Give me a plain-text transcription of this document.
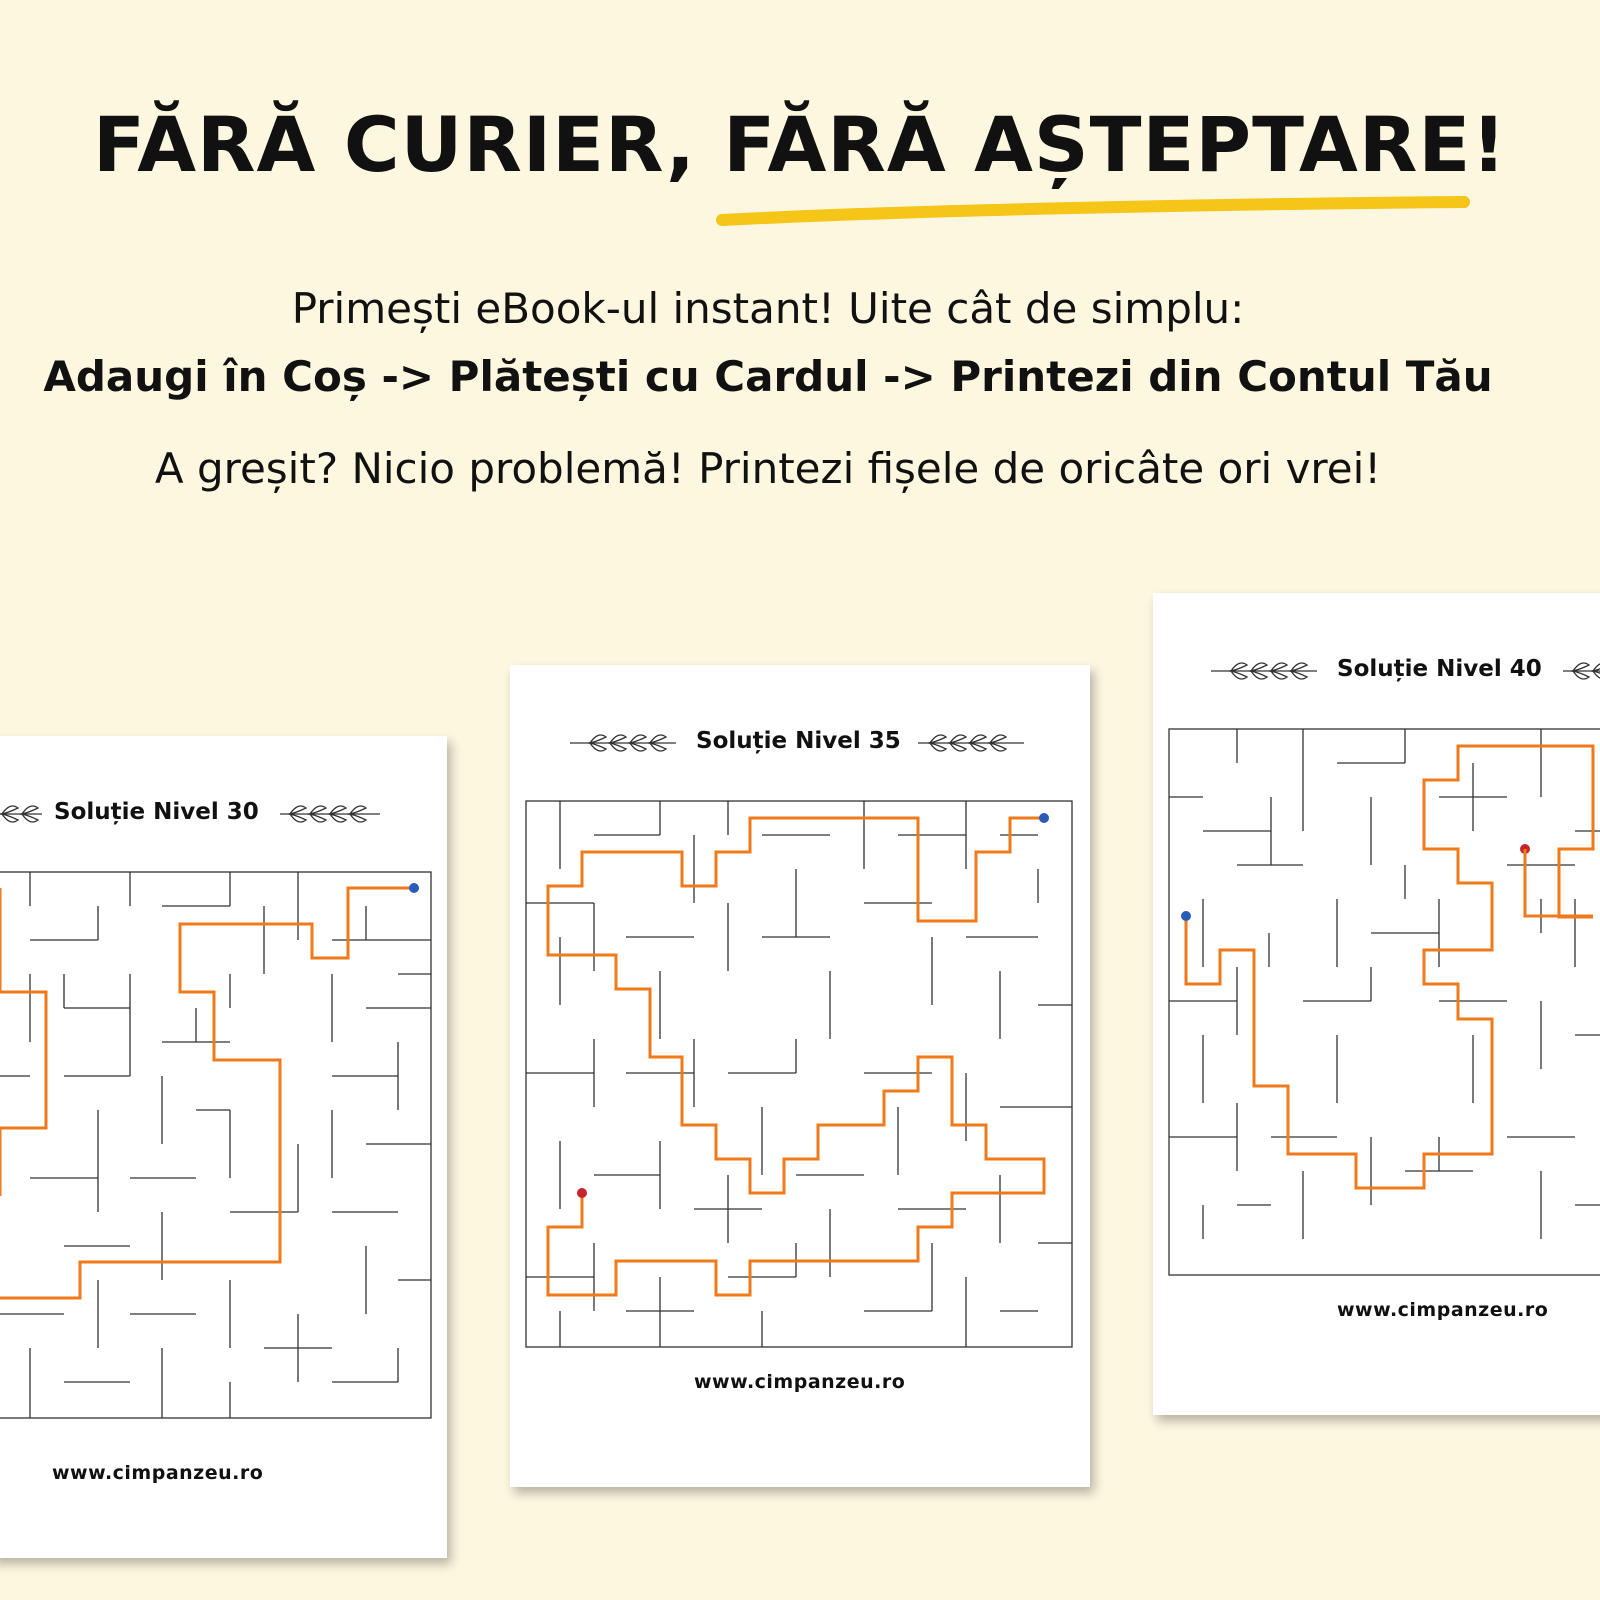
FĂRĂ CURIER, FĂRĂ AȘTEPTARE!
Primești eBook-ul instant! Uite cât de simplu:
Adaugi în Coș -> Plătești cu Cardul -> Printezi din Contul Tău
A greșit? Nicio problemă! Printezi fișele de oricâte ori vrei!
Soluție Nivel 30
www.cimpanzeu.ro
Soluție Nivel 35
www.cimpanzeu.ro
Soluție Nivel 40
www.cimpanzeu.ro
